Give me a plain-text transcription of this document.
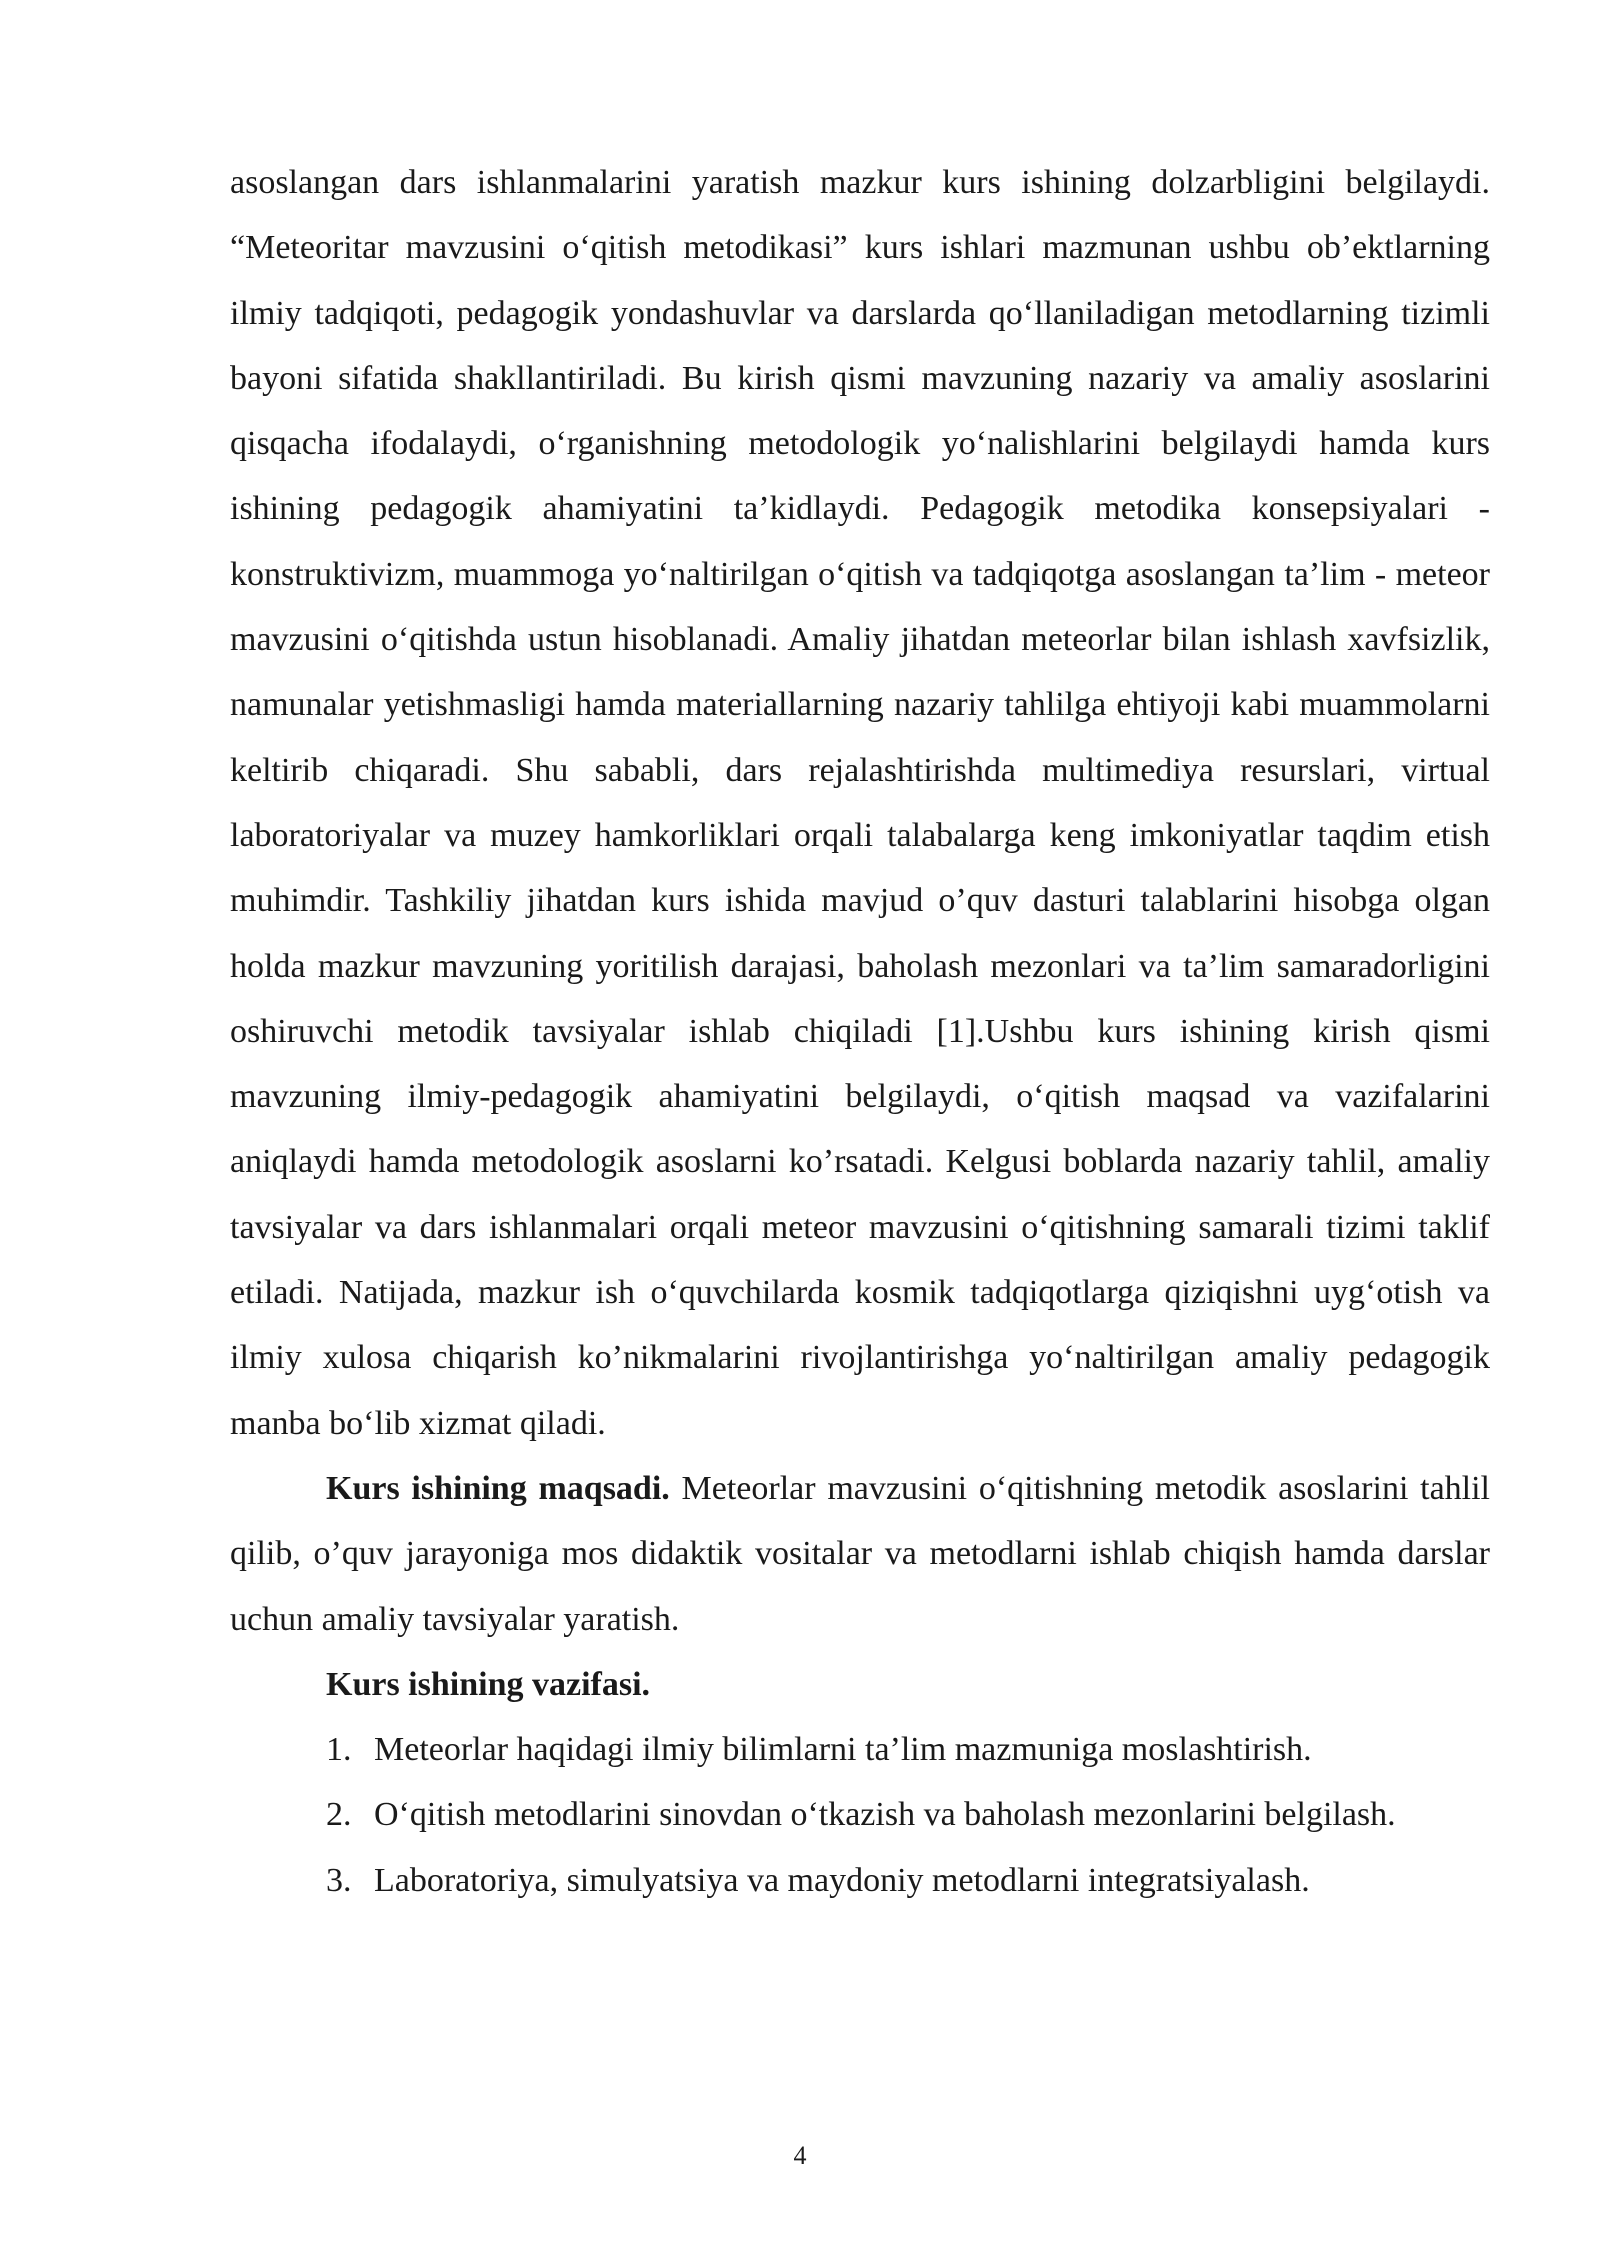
asoslangan dars ishlanmalarini yaratish mazkur kurs ishining dolzarbligini belgilaydi. “Meteoritar mavzusini o‘qitish metodikasi” kurs ishlari mazmunan ushbu ob’ektlarning ilmiy tadqiqoti, pedagogik yondashuvlar va darslarda qo‘llaniladigan metodlarning tizimli bayoni sifatida shakllantiriladi. Bu kirish qismi mavzuning nazariy va amaliy asoslarini qisqacha ifodalaydi, o‘rganishning metodologik yo‘nalishlarini belgilaydi hamda kurs ishining pedagogik ahamiyatini ta’kidlaydi. Pedagogik metodika konsepsiyalari - konstruktivizm, muammoga yo‘naltirilgan o‘qitish va tadqiqotga asoslangan ta’lim - meteor mavzusini o‘qitishda ustun hisoblanadi. Amaliy jihatdan meteorlar bilan ishlash xavfsizlik, namunalar yetishmasligi hamda materiallarning nazariy tahlilga ehtiyoji kabi muammolarni keltirib chiqaradi. Shu sababli, dars rejalashtirishda multimediya resurslari, virtual laboratoriyalar va muzey hamkorliklari orqali talabalarga keng imkoniyatlar taqdim etish muhimdir. Tashkiliy jihatdan kurs ishida mavjud o’quv dasturi talablarini hisobga olgan holda mazkur mavzuning yoritilish darajasi, baholash mezonlari va ta’lim samaradorligini oshiruvchi metodik tavsiyalar ishlab chiqiladi [1].Ushbu kurs ishining kirish qismi mavzuning ilmiy-pedagogik ahamiyatini belgilaydi, o‘qitish maqsad va vazifalarini aniqlaydi hamda metodologik asoslarni ko’rsatadi. Kelgusi boblarda nazariy tahlil, amaliy tavsiyalar va dars ishlanmalari orqali meteor mavzusini o‘qitishning samarali tizimi taklif etiladi. Natijada, mazkur ish o‘quvchilarda kosmik tadqiqotlarga qiziqishni uyg‘otish va ilmiy xulosa chiqarish ko’nikmalarini rivojlantirishga yo‘naltirilgan amaliy pedagogik manba bo‘lib xizmat qiladi.

Kurs ishining maqsadi. Meteorlar mavzusini o‘qitishning metodik asoslarini tahlil qilib, o’quv jarayoniga mos didaktik vositalar va metodlarni ishlab chiqish hamda darslar uchun amaliy tavsiyalar yaratish.

Kurs ishining vazifasi.

1. Meteorlar haqidagi ilmiy bilimlarni ta’lim mazmuniga moslashtirish.
2. O‘qitish metodlarini sinovdan o‘tkazish va baholash mezonlarini belgilash.
3. Laboratoriya, simulyatsiya va maydoniy metodlarni integratsiyalash.
4
